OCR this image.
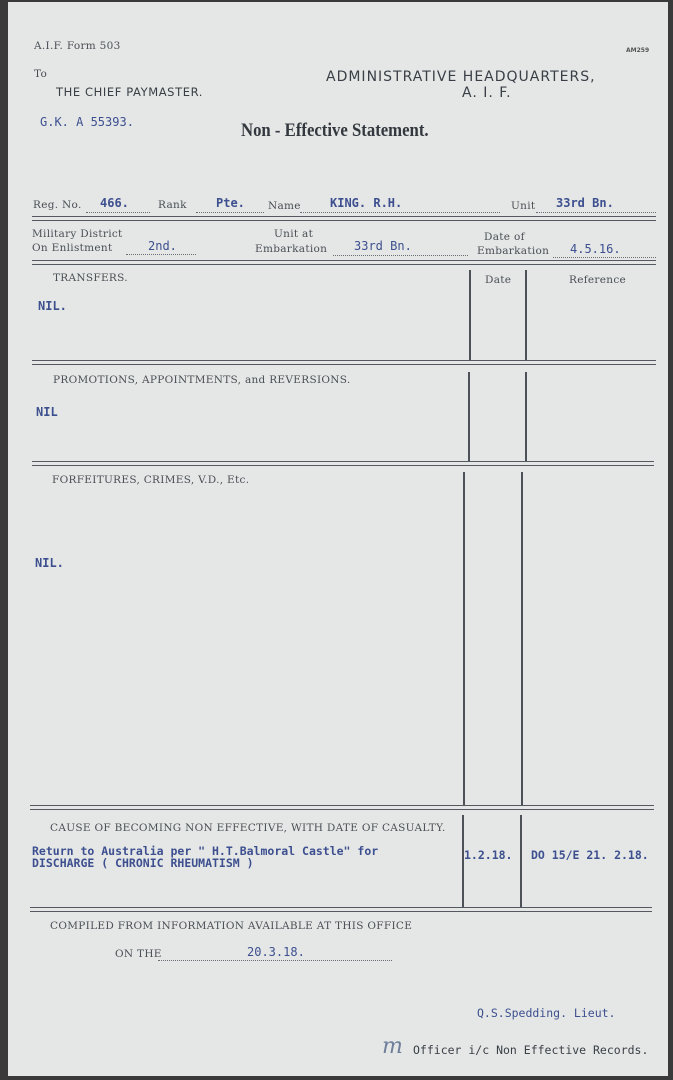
A.I.F. Form 503	AM259
To
THE CHIEF PAYMASTER.
ADMINISTRATIVE HEADQUARTERS,
A. I. F.
G.K. A 55393.	Non - Effective Statement.
Reg. No. 466.	Rank Pte. Name KING. R.H.	Unit 33rd Bn.
Military District
On Enlistment	2nd.
Unit at
Embarkation 33rd Bn.
Date of
Embarkation 4.5.16.
TRANSFERS.	Date	Reference
NIL.
PROMOTIONS, APPOINTMENTS, and REVERSIONS.
NIL
FORFEITURES, CRIMES, V.D., Etc.
NIL.
CAUSE OF BECOMING NON EFFECTIVE, WITH DATE OF CASUALTY.
Return to Australia per " H.T.Balmoral Castle" for
DISCHARGE ( CHRONIC RHEUMATISM )
1.2.18. DO 15/E 21. 2.18.
COMPILED FROM INFORMATION AVAILABLE AT THIS OFFICE
ON THE	20.3.18.
Q.S.Spedding. Lieut.
m Officer i/c Non Effective Records.
